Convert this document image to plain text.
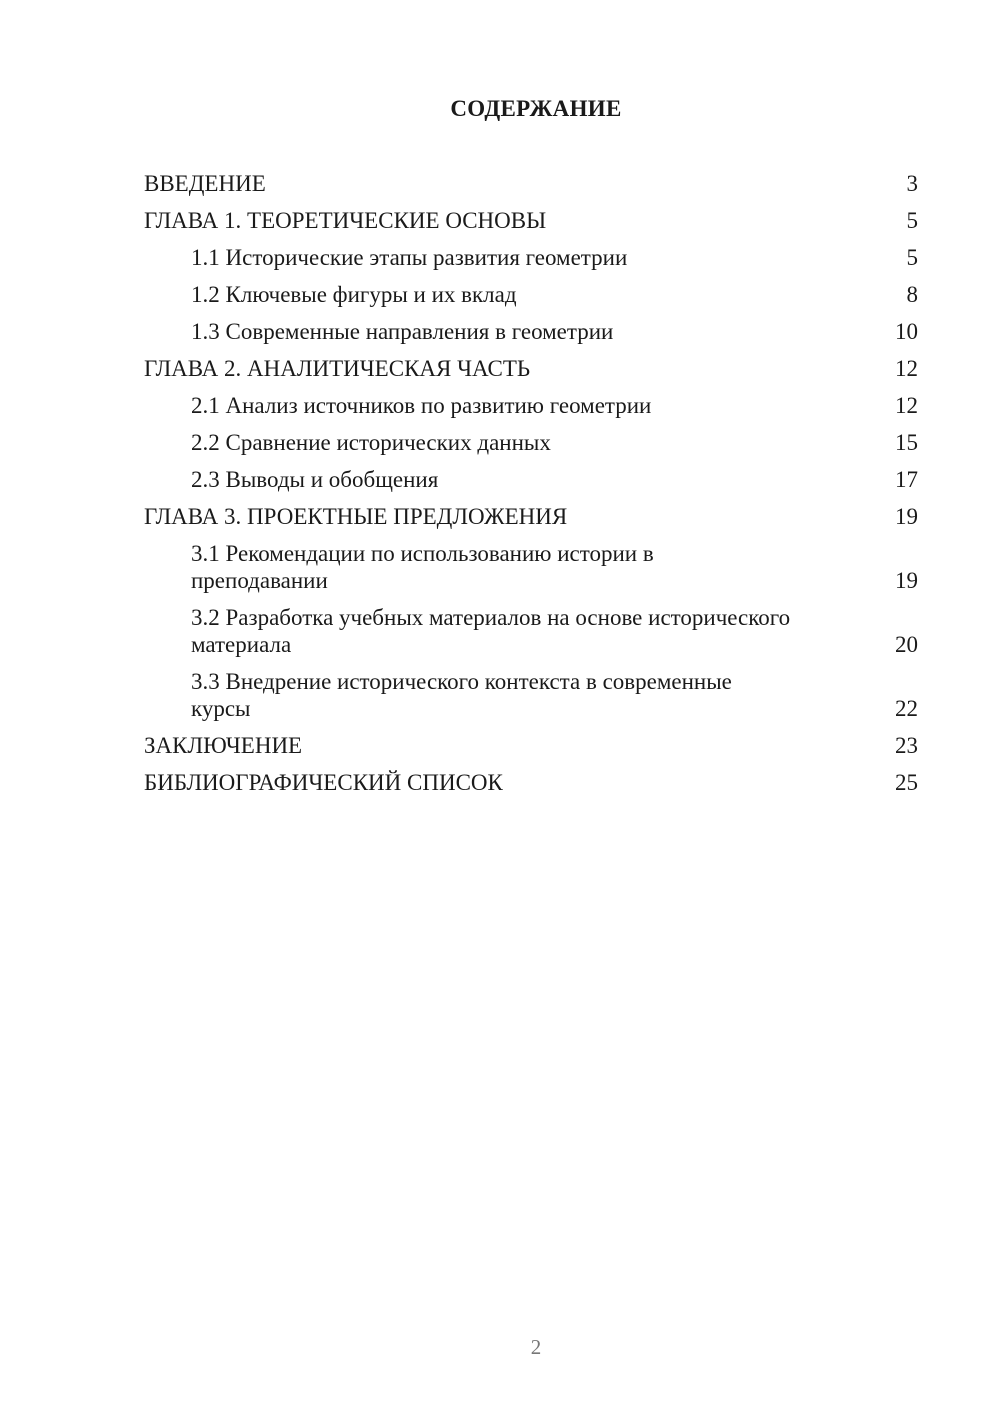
СОДЕРЖАНИЕ
ВВЕДЕНИЕ	3
ГЛАВА 1. ТЕОРЕТИЧЕСКИЕ ОСНОВЫ	5
1.1 Исторические этапы развития геометрии	5
1.2 Ключевые фигуры и их вклад	8
1.3 Современные направления в геометрии	10
ГЛАВА 2. АНАЛИТИЧЕСКАЯ ЧАСТЬ	12
2.1 Анализ источников по развитию геометрии	12
2.2 Сравнение исторических данных	15
2.3 Выводы и обобщения	17
ГЛАВА 3. ПРОЕКТНЫЕ ПРЕДЛОЖЕНИЯ	19
3.1 Рекомендации по использованию истории в преподавании	19
3.2 Разработка учебных материалов на основе исторического материала	20
3.3 Внедрение исторического контекста в современные курсы	22
ЗАКЛЮЧЕНИЕ	23
БИБЛИОГРАФИЧЕСКИЙ СПИСОК	25
2
